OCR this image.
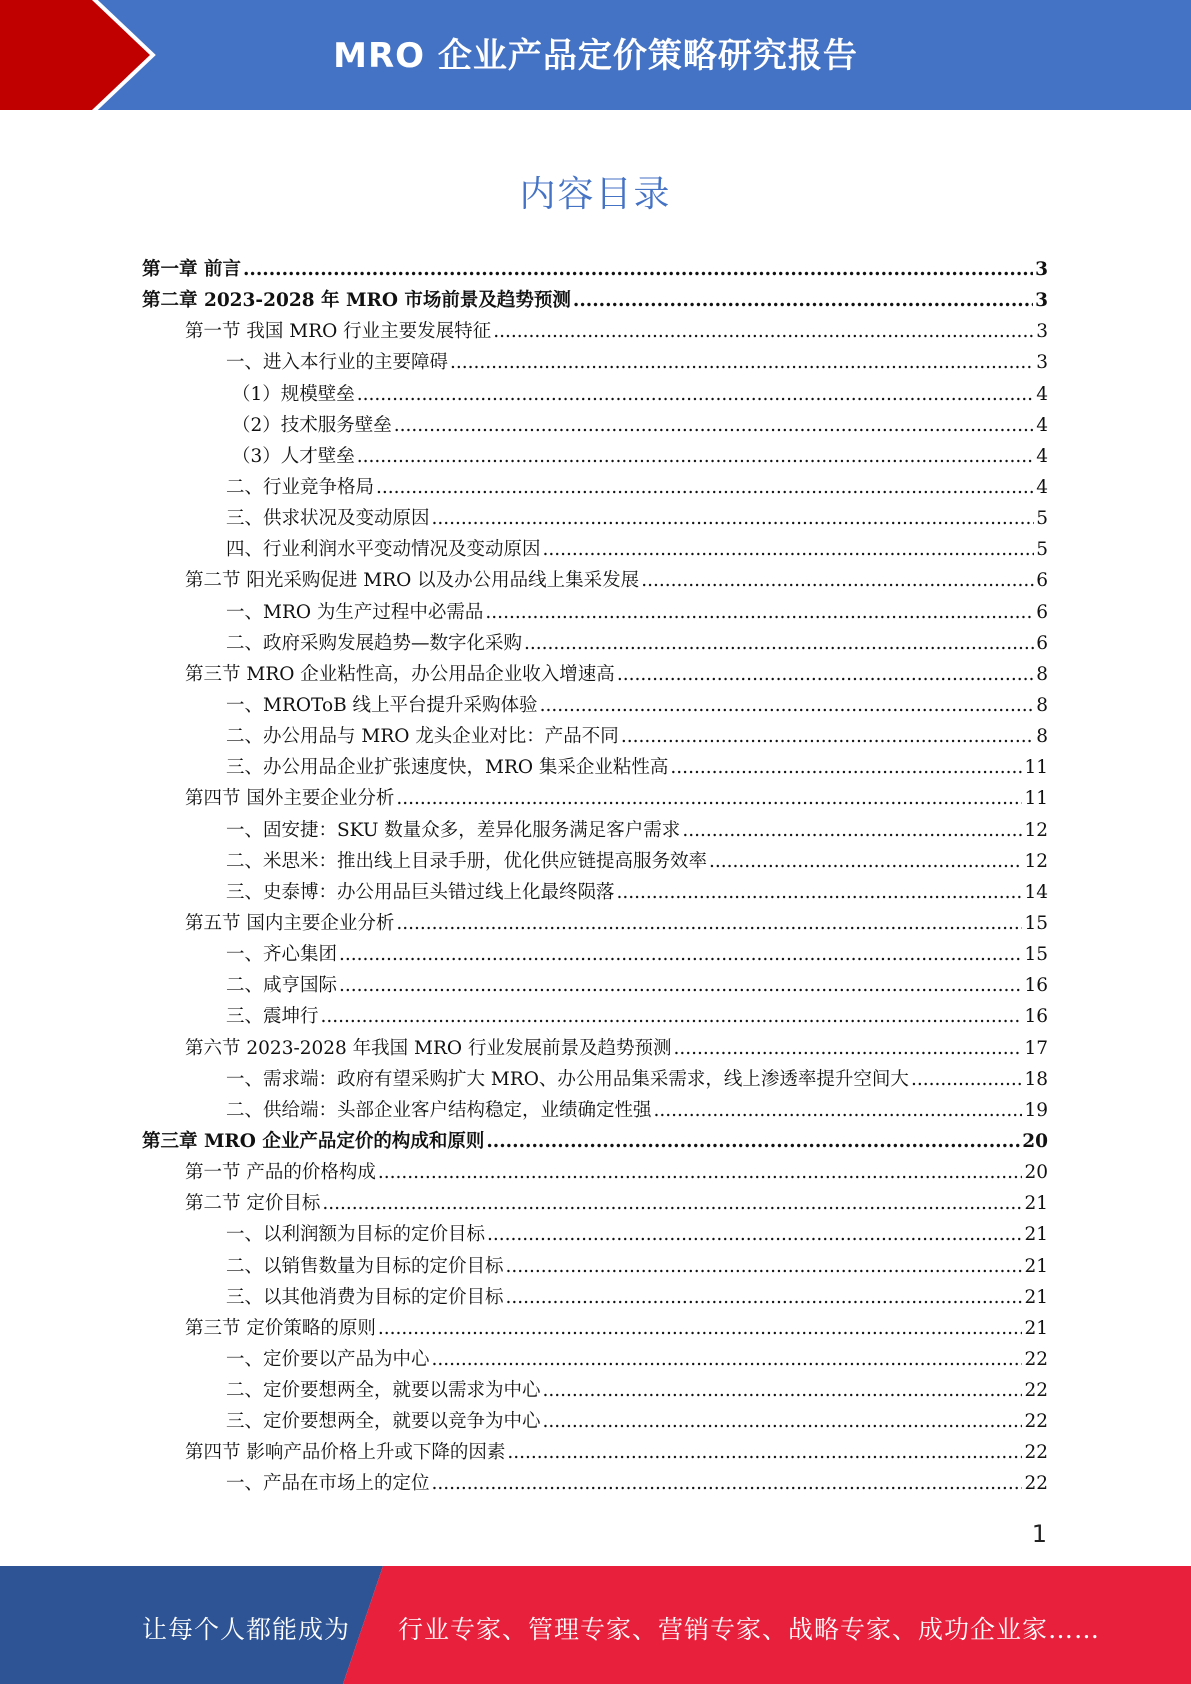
MRO 企业产品定价策略研究报告
内容目录
第一章 前言 .....	3
第二章 2023-2028 年 MRO 市场前景及趋势预测 .....	3
第一节 我国 MRO 行业主要发展特征 .....	3
一、进入本行业的主要障碍 .....	3
（1）规模壁垒 .....	4
（2）技术服务壁垒 .....	4
（3）人才壁垒 .....	4
二、行业竞争格局 .....	4
三、供求状况及变动原因 .....	5
四、行业利润水平变动情况及变动原因 .....	5
第二节 阳光采购促进 MRO 以及办公用品线上集采发展 .....	6
一、MRO 为生产过程中必需品 .....	6
二、政府采购发展趋势—数字化采购 .....	6
第三节 MRO 企业粘性高，办公用品企业收入增速高 .....	8
一、MROToB 线上平台提升采购体验 .....	8
二、办公用品与 MRO 龙头企业对比：产品不同 .....	8
三、办公用品企业扩张速度快，MRO 集采企业粘性高 .....	11
第四节 国外主要企业分析 .....	11
一、固安捷：SKU 数量众多，差异化服务满足客户需求 .....	12
二、米思米：推出线上目录手册，优化供应链提高服务效率 .....	12
三、史泰博：办公用品巨头错过线上化最终陨落 .....	14
第五节 国内主要企业分析 .....	15
一、齐心集团 .....	15
二、咸亨国际 .....	16
三、震坤行 .....	16
第六节 2023-2028 年我国 MRO 行业发展前景及趋势预测 .....	17
一、需求端：政府有望采购扩大 MRO、办公用品集采需求，线上渗透率提升空间大 .....	18
二、供给端：头部企业客户结构稳定，业绩确定性强 .....	19
第三章 MRO 企业产品定价的构成和原则 .....	20
第一节 产品的价格构成 .....	20
第二节 定价目标 .....	21
一、以利润额为目标的定价目标 .....	21
二、以销售数量为目标的定价目标 .....	21
三、以其他消费为目标的定价目标 .....	21
第三节 定价策略的原则 .....	21
一、定价要以产品为中心 .....	22
二、定价要想两全，就要以需求为中心 .....	22
三、定价要想两全，就要以竞争为中心 .....	22
第四节 影响产品价格上升或下降的因素 .....	22
一、产品在市场上的定位 .....	22
1
让每个人都能成为 行业专家、管理专家、营销专家、战略专家、成功企业家……
